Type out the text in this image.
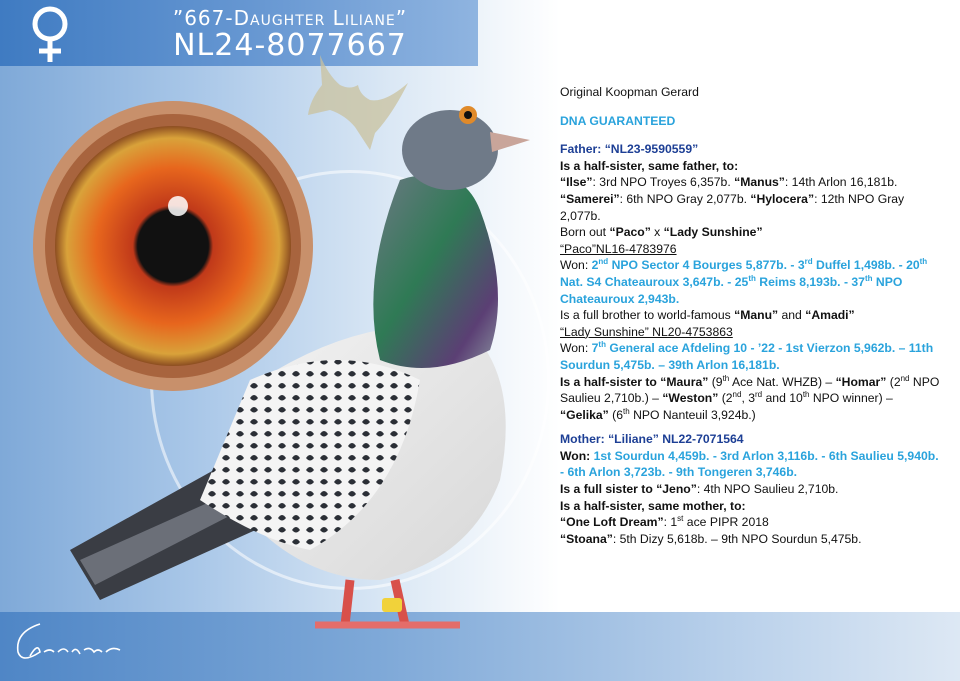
”667-Daughter Liliane”
NL24-8077667
Original Koopman Gerard
DNA GUARANTEED
Father: “NL23-9590559”
Is a half-sister, same father, to:
“Ilse”: 3rd NPO Troyes 6,357b. “Manus”: 14th Arlon 16,181b.
“Samerei”: 6th NPO Gray 2,077b. “Hylocera”: 12th NPO Gray 2,077b.
Born out “Paco” x “Lady Sunshine”
“Paco”NL16-4783976
Won: 2nd NPO Sector 4 Bourges 5,877b. - 3rd Duffel 1,498b. - 20th Nat. S4 Chateauroux 3,647b. - 25th Reims 8,193b. - 37th NPO Chateauroux 2,943b.
Is a full brother to world-famous “Manu” and “Amadi”
“Lady Sunshine” NL20-4753863
Won: 7th General ace Afdeling 10 - ’22 - 1st Vierzon 5,962b. – 11th Sourdun 5,475b. – 39th Arlon 16,181b.
Is a half-sister to “Maura” (9th Ace Nat. WHZB) – “Homar” (2nd NPO Saulieu 2,710b.) – “Weston” (2nd, 3rd and 10th NPO winner) – “Gelika” (6th NPO Nanteuil 3,924b.)
Mother: “Liliane” NL22-7071564
Won: 1st Sourdun 4,459b. - 3rd Arlon 3,116b. - 6th Saulieu 5,940b. - 6th Arlon 3,723b. - 9th Tongeren 3,746b.
Is a full sister to “Jeno”: 4th NPO Saulieu 2,710b.
Is a half-sister, same mother, to:
“One Loft Dream”: 1st ace PIPR 2018
“Stoana”: 5th Dizy 5,618b. – 9th NPO Sourdun 5,475b.
